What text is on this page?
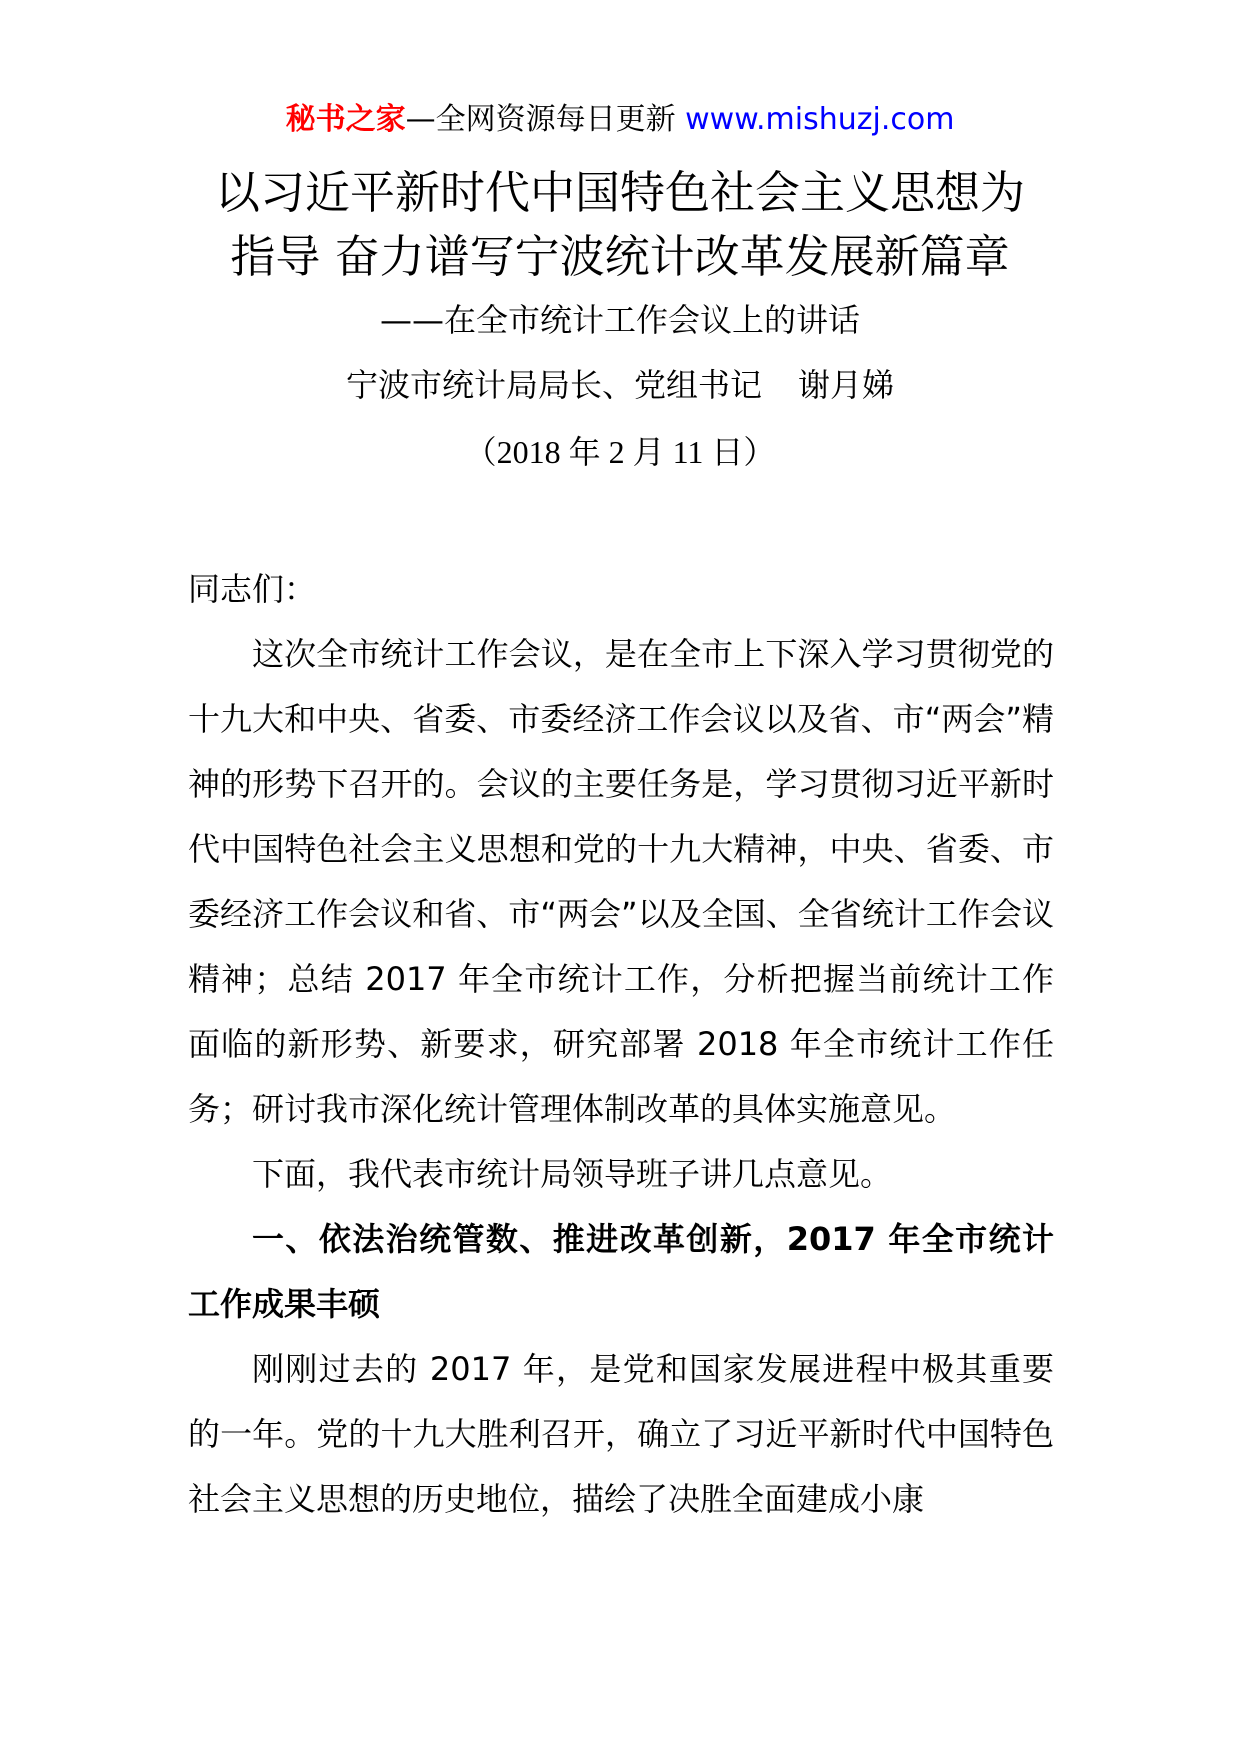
秘书之家—全网资源每日更新 www.mishuzj.com
以习近平新时代中国特色社会主义思想为
指导 奋力谱写宁波统计改革发展新篇章
——在全市统计工作会议上的讲话
宁波市统计局局长、党组书记 谢月娣
（2018 年 2 月 11 日）

同志们：

这次全市统计工作会议，是在全市上下深入学习贯彻党的十九大和中央、省委、市委经济工作会议以及省、市“两会”精神的形势下召开的。会议的主要任务是，学习贯彻习近平新时代中国特色社会主义思想和党的十九大精神，中央、省委、市委经济工作会议和省、市“两会”以及全国、全省统计工作会议精神；总结 2017 年全市统计工作，分析把握当前统计工作面临的新形势、新要求，研究部署 2018 年全市统计工作任务；研讨我市深化统计管理体制改革的具体实施意见。

下面，我代表市统计局领导班子讲几点意见。

一、依法治统管数、推进改革创新，2017 年全市统计工作成果丰硕

刚刚过去的 2017 年，是党和国家发展进程中极其重要的一年。党的十九大胜利召开，确立了习近平新时代中国特色社会主义思想的历史地位，描绘了决胜全面建成小康
